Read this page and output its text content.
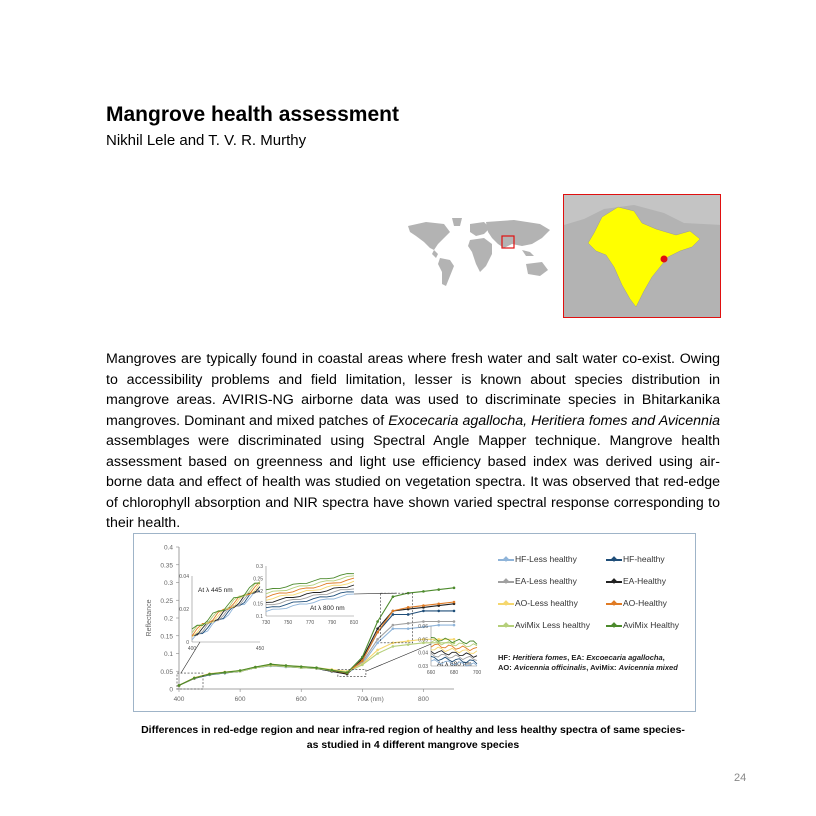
Mangrove health assessment
Nikhil Lele and T. V. R. Murthy

Mangroves are typically found in coastal areas where fresh water and salt water co-exist. Owing to accessibility problems and field limitation, lesser is known about species distribution in mangrove areas. AVIRIS-NG airborne data was used to discriminate species in Bhitarkanika mangroves. Dominant and mixed patches of Exocecaria agallocha, Heritiera fomes and Avicennia assemblages were discriminated using Spectral Angle Mapper technique. Mangrove health assessment based on greenness and light use efficiency based index was derived using air-borne data and effect of health was studied on vegetation spectra. It was observed that red-edge of chlorophyll absorption and NIR spectra have shown varied spectral response corresponding to their health.

0
0.05
0.1
0.15
0.2
0.25
0.3
0.35
0.4
400	600	600	700	800
λ (nm)
Reflectance
0
0.02
0.04
400	450
At λ 445 nm
0.1
0.15
0.2
0.25
0.3
730	750	770	790	810
At λ 800 nm
0.03
0.04
0.05
0.06
660	680	700
At λ 680 nm
HF-Less healthy	HF-healthy
EA-Less healthy	EA-Healthy
AO-Less healthy	AO-Healthy
AviMix Less healthy	AviMix Healthy
HF: Heritiera fomes, EA: Excoecaria agallocha,
AO: Avicennia officinalis, AviMix: Avicennia mixed
Differences in red-edge region and near infra-red region of healthy and less healthy spectra of same species-
as studied in 4 different mangrove species
24
